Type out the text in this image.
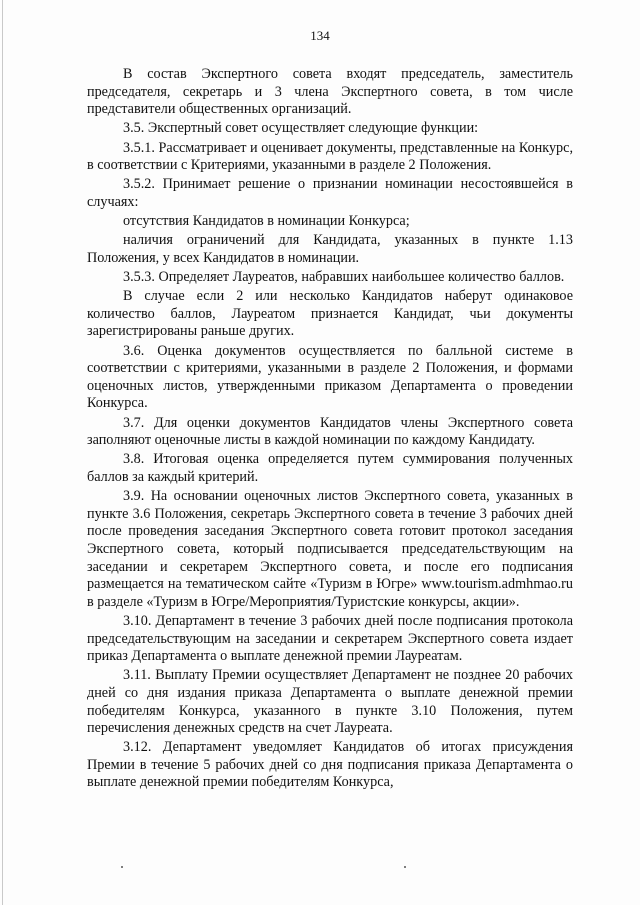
134

В состав Экспертного совета входят председатель, заместитель председателя, секретарь и 3 члена Экспертного совета, в том числе представители общественных организаций.

3.5. Экспертный совет осуществляет следующие функции:

3.5.1. Рассматривает и оценивает документы, представленные на Конкурс, в соответствии с Критериями, указанными в разделе 2 Положения.

3.5.2. Принимает решение о признании номинации несостоявшейся в случаях:

отсутствия Кандидатов в номинации Конкурса;

наличия ограничений для Кандидата, указанных в пункте 1.13 Положения, у всех Кандидатов в номинации.

3.5.3. Определяет Лауреатов, набравших наибольшее количество баллов.

В случае если 2 или несколько Кандидатов наберут одинаковое количество баллов, Лауреатом признается Кандидат, чьи документы зарегистрированы раньше других.

3.6. Оценка документов осуществляется по балльной системе в соответствии с критериями, указанными в разделе 2 Положения, и формами оценочных листов, утвержденными приказом Департамента о проведении Конкурса.

3.7. Для оценки документов Кандидатов члены Экспертного совета заполняют оценочные листы в каждой номинации по каждому Кандидату.

3.8. Итоговая оценка определяется путем суммирования полученных баллов за каждый критерий.

3.9. На основании оценочных листов Экспертного совета, указанных в пункте 3.6 Положения, секретарь Экспертного совета в течение 3 рабочих дней после проведения заседания Экспертного совета готовит протокол заседания Экспертного совета, который подписывается председательствующим на заседании и секретарем Экспертного совета, и после его подписания размещается на тематическом сайте «Туризм в Югре» www.tourism.admhmao.ru в разделе «Туризм в Югре/Мероприятия/Туристские конкурсы, акции».

3.10. Департамент в течение 3 рабочих дней после подписания протокола председательствующим на заседании и секретарем Экспертного совета издает приказ Департамента о выплате денежной премии Лауреатам.

3.11. Выплату Премии осуществляет Департамент не позднее 20 рабочих дней со дня издания приказа Департамента о выплате денежной премии победителям Конкурса, указанного в пункте 3.10 Положения, путем перечисления денежных средств на счет Лауреата.

3.12. Департамент уведомляет Кандидатов об итогах присуждения Премии в течение 5 рабочих дней со дня подписания приказа Департамента о выплате денежной премии победителям Конкурса,
